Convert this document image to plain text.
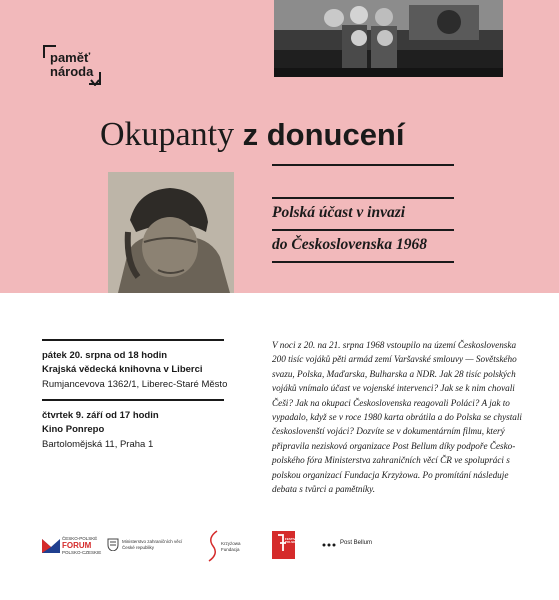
paměť
národa
Okupanty z donucení
Polská účast v invazi
do Československa 1968
pátek 20. srpna od 18 hodin
Krajská vědecká knihovna v Liberci
Rumjancevova 1362/1, Liberec-Staré Město
čtvrtek 9. září od 17 hodin
Kino Ponrepo
Bartolomějská 11, Praha 1
V noci z 20. na 21. srpna 1968 vstoupilo na území Československa 200 tisíc vojáků pěti armád zemí Varšavské smlouvy — Sovětského svazu, Polska, Maďarska, Bulharska a NDR. Jak 28 tisíc polských vojáků vnímalo účast ve vojenské intervenci? Jak se k nim chovali Češi? Jak na okupaci Československa reagovali Poláci? A jak to vypadalo, když se v roce 1980 karta obrátila a do Polska se chystali českoslovenští vojáci? Dozvíte se v dokumentárním filmu, který připravila nezisková organizace Post Bellum díky podpoře Česko-polského fóra Ministerstva zahraničních věcí ČR ve spolupráci s polskou organizací Fundacja Krzyżowa. Po promítání následuje debata s tvůrci a pamětníky.
ČESKO-POLSKÉ
FORUM
POLSKO-CZESKIE
Ministerstvo zahraničních věcí
České republiky
Krzyżowa
Fundacja
FESTIVAL POLSKA	Post Bellum
